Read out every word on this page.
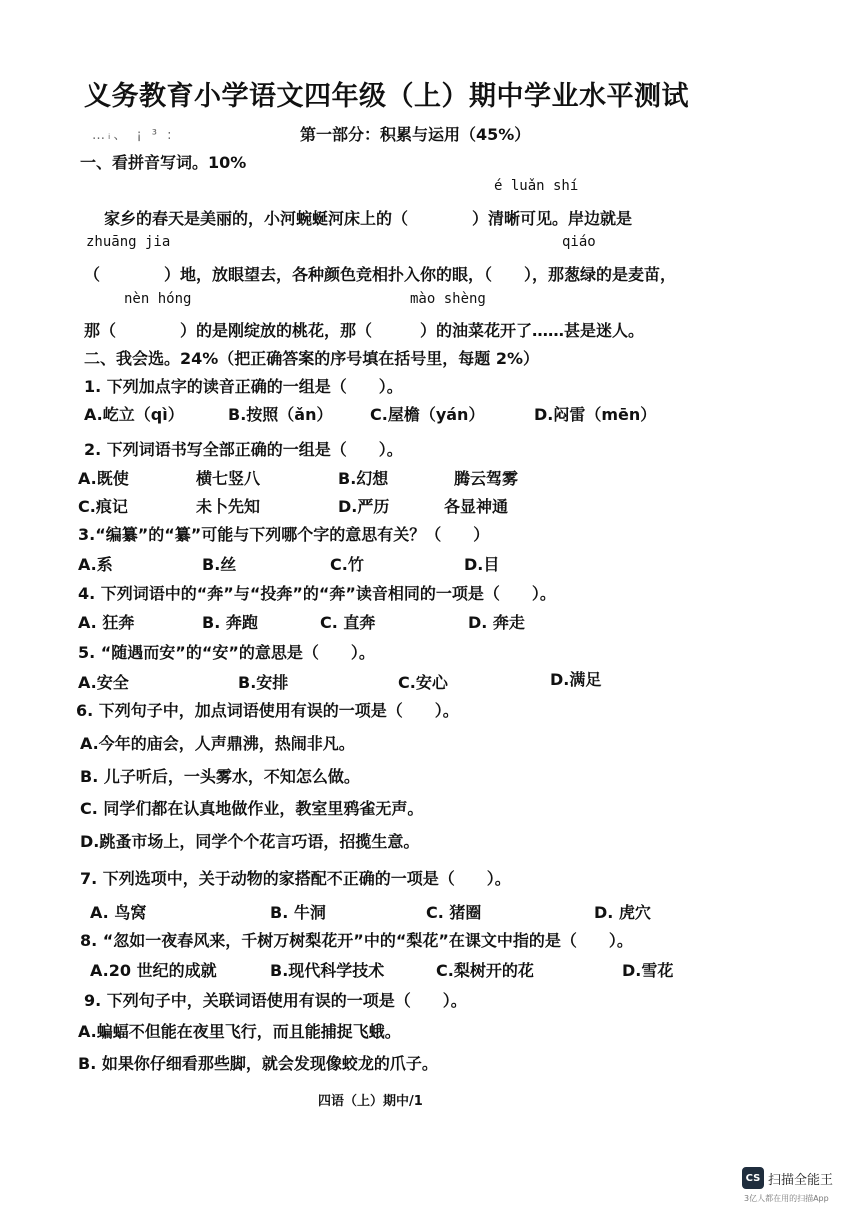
义务教育小学语文四年级（上）期中学业水平测试
…ᵢ、 ¡ ³ :	第一部分：积累与运用（45%）
一、看拼音写词。10%
é luǎn shí
家乡的春天是美丽的，小河蜿蜒河床上的（　　　　）清晰可见。岸边就是
zhuāng jia	qiáo
（　　　　）地，放眼望去，各种颜色竞相扑入你的眼，（　　），那葱绿的是麦苗，
nèn hóng	mào shèng
那（　　　　）的是刚绽放的桃花，那（　　　）的油菜花开了……甚是迷人。
二、我会选。24%（把正确答案的序号填在括号里，每题 2%）
1. 下列加点字的读音正确的一组是（　　）。
A.屹立（qì）	B.按照（ǎn） C.屋檐（yán）	D.闷雷（mēn）
2. 下列词语书写全部正确的一组是（　　）。
A.既使	横七竖八	B.幻想	腾云驾雾
C.痕记	未卜先知	D.严历	各显神通
3.“编纂”的“纂”可能与下列哪个字的意思有关？（　　）
A.系	B.丝	C.竹	D.目
4. 下列词语中的“奔”与“投奔”的“奔”读音相同的一项是（　　）。
A. 狂奔	B. 奔跑	C. 直奔	D. 奔走
5. “随遇而安”的“安”的意思是（　　）。
A.安全	B.安排	C.安心	D.满足
6. 下列句子中，加点词语使用有误的一项是（　　）。
A.今年的庙会，人声鼎沸，热闹非凡。
B. 儿子听后，一头雾水，不知怎么做。
C. 同学们都在认真地做作业，教室里鸦雀无声。
D.跳蚤市场上，同学个个花言巧语，招揽生意。
7. 下列选项中，关于动物的家搭配不正确的一项是（　　）。
A. 鸟窝	B. 牛洞	C. 猪圈	D. 虎穴
8. “忽如一夜春风来，千树万树梨花开”中的“梨花”在课文中指的是（　　）。
A.20 世纪的成就	B.现代科学技术	C.梨树开的花	D.雪花
9. 下列句子中，关联词语使用有误的一项是（　　）。
A.蝙蝠不但能在夜里飞行，而且能捕捉飞蛾。
B. 如果你仔细看那些脚，就会发现像蛟龙的爪子。
四语（上）期中/1
CS 扫描全能王
3亿人都在用的扫描App
